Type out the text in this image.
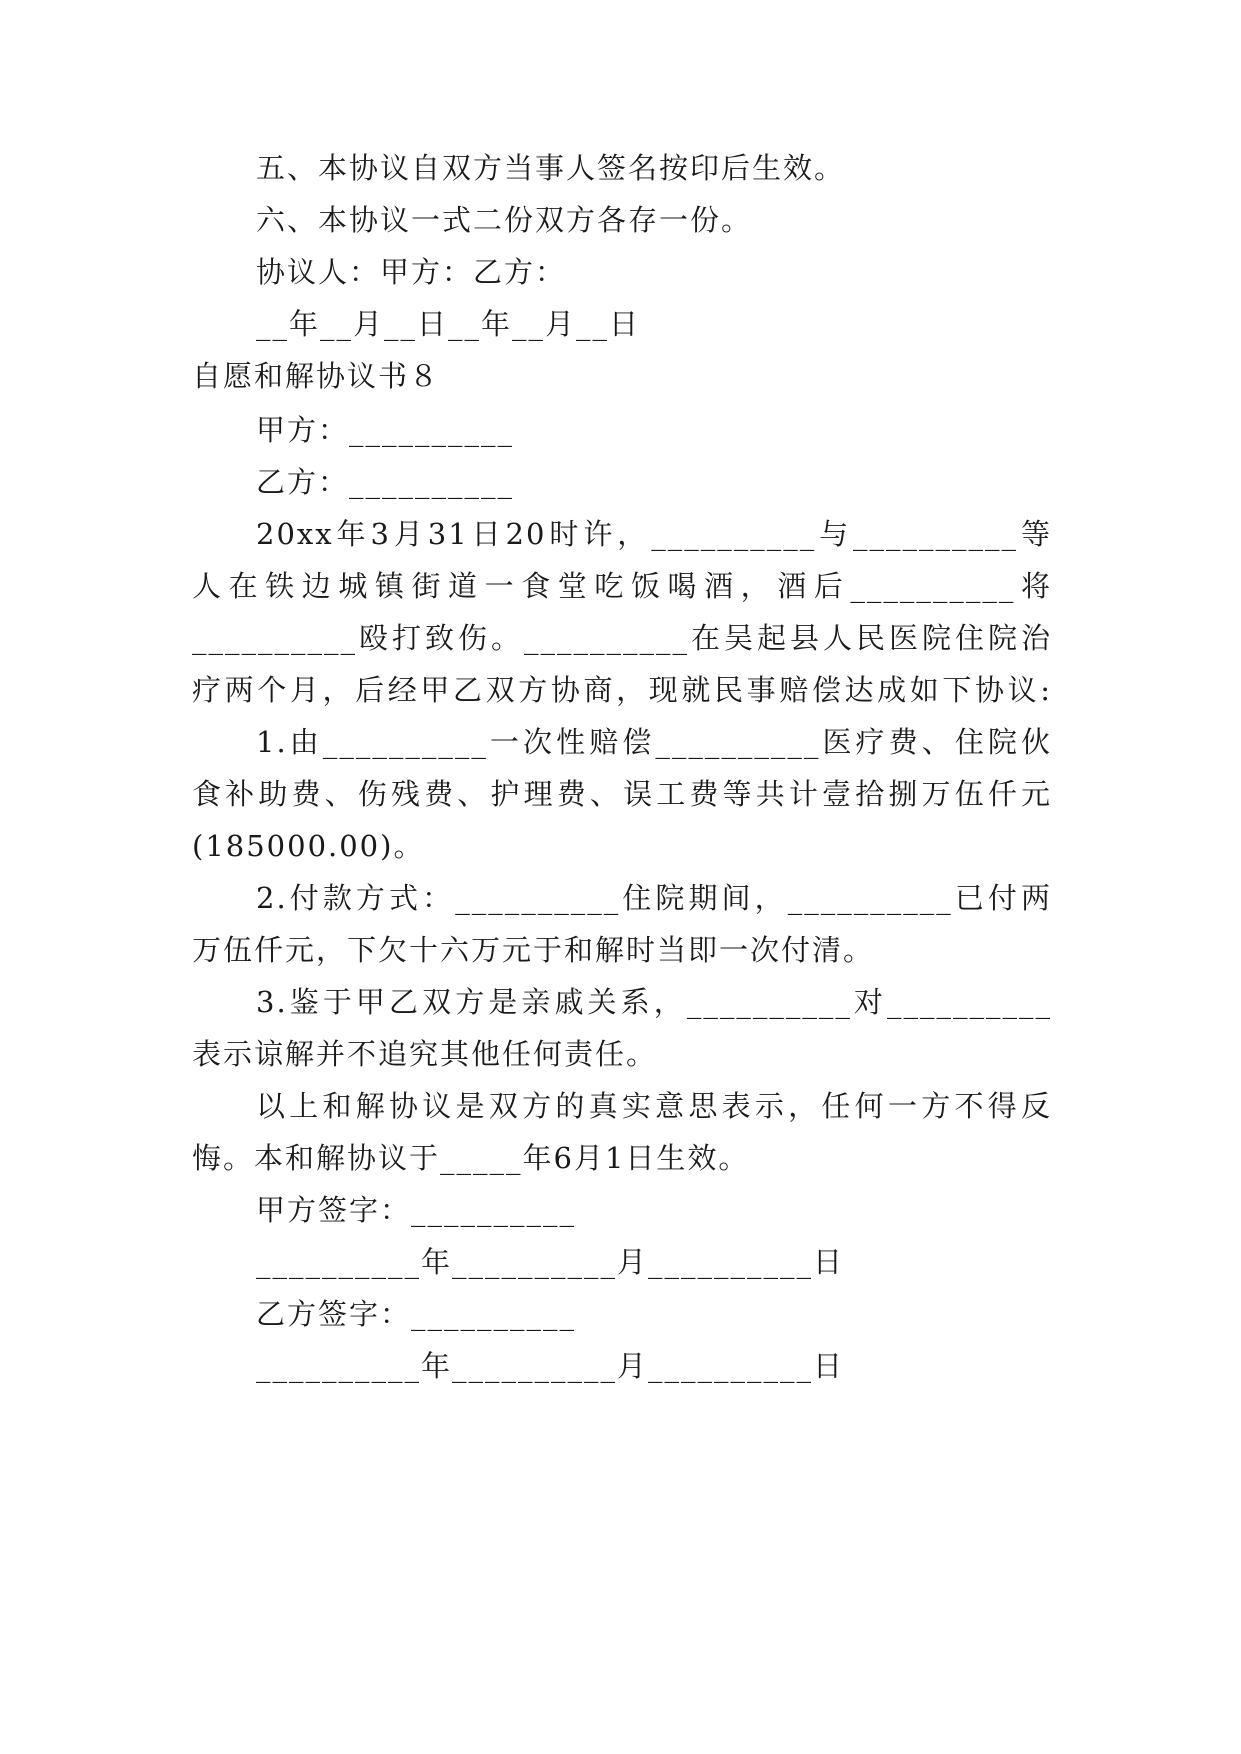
五、本协议自双方当事人签名按印后生效。
六、本协议一式二份双方各存一份。
协议人：甲方：乙方：
__年__月__日__年__月__日
自愿和解协议书８
甲方：__________
乙方：__________
20xx年3月31日20时许，__________与__________等
人在铁边城镇街道一食堂吃饭喝酒，酒后__________将
__________殴打致伤。__________在吴起县人民医院住院治
疗两个月，后经甲乙双方协商，现就民事赔偿达成如下协议:
1.由__________一次性赔偿__________医疗费、住院伙
食补助费、伤残费、护理费、误工费等共计壹拾捌万伍仟元
(185000.00)。
2.付款方式：__________住院期间，__________已付两
万伍仟元，下欠十六万元于和解时当即一次付清。
3.鉴于甲乙双方是亲戚关系，__________对__________
表示谅解并不追究其他任何责任。
以上和解协议是双方的真实意思表示，任何一方不得反
悔。本和解协议于_____年6月1日生效。
甲方签字：__________
__________年__________月__________日
乙方签字：__________
__________年__________月__________日
